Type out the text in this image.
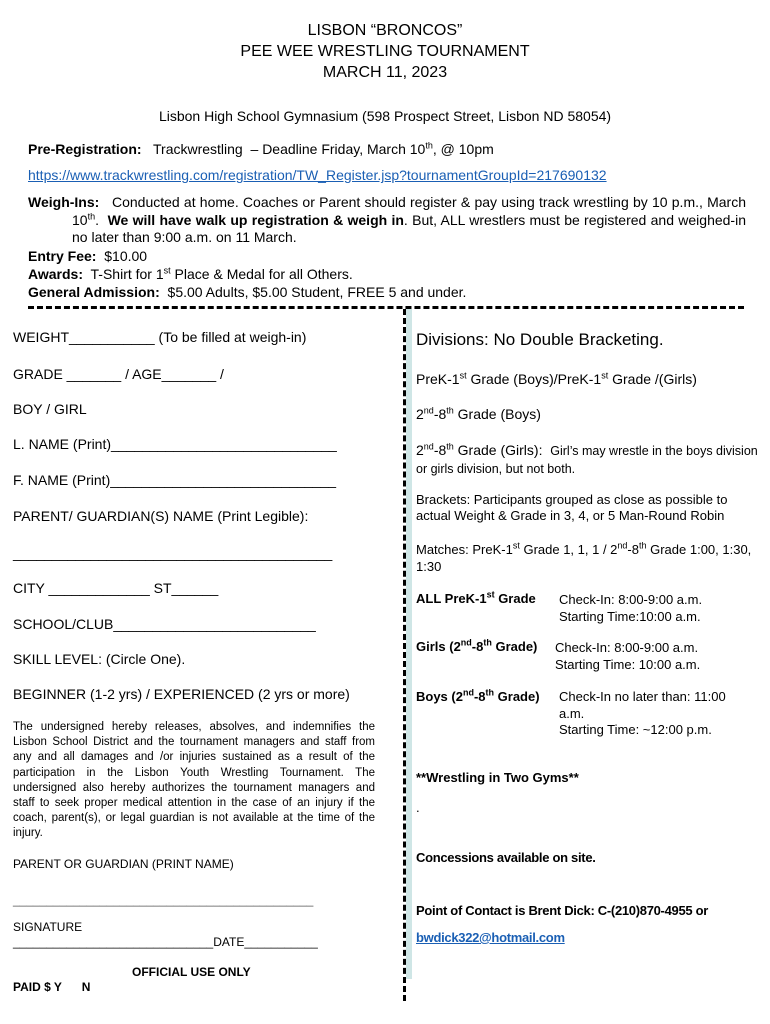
LISBON “BRONCOS”
PEE WEE WRESTLING TOURNAMENT
MARCH 11, 2023
Lisbon High School Gymnasium (598 Prospect Street, Lisbon ND 58054)
Pre-Registration: Trackwrestling – Deadline Friday, March 10th, @ 10pm
https://www.trackwrestling.com/registration/TW_Register.jsp?tournamentGroupId=217690132
Weigh-Ins: Conducted at home. Coaches or Parent should register & pay using track wrestling by 10 p.m., March 10th.  We will have walk up registration & weigh in. But, ALL wrestlers must be registered and weighed-in no later than 9:00 a.m. on 11 March.
Entry Fee: $10.00
Awards: T-Shirt for 1st Place & Medal for all Others.
General Admission: $5.00 Adults, $5.00 Student, FREE 5 and under.
WEIGHT___________ (To be filled at weigh-in)
GRADE _______ / AGE_______ /
BOY / GIRL
L. NAME (Print)_____________________________
F. NAME (Print)_____________________________
PARENT/ GUARDIAN(S) NAME (Print Legible):
_________________________________________
CITY _____________ ST______
SCHOOL/CLUB__________________________
SKILL LEVEL: (Circle One).
BEGINNER (1-2 yrs) / EXPERIENCED (2 yrs or more)
The undersigned hereby releases, absolves, and indemnifies the Lisbon School District and the tournament managers and staff from any and all damages and /or injuries sustained as a result of the participation in the Lisbon Youth Wrestling Tournament. The undersigned also hereby authorizes the tournament managers and staff to seek proper medical attention in the case of an injury if the coach, parent(s), or legal guardian is not available at the time of the injury.
PARENT OR GUARDIAN (PRINT NAME)
_____________________________________________
SIGNATURE
______________________________DATE___________
OFFICIAL USE ONLY
PAID $ Y      N
Divisions: No Double Bracketing.
PreK-1st Grade (Boys)/PreK-1st Grade /(Girls)
2nd-8th Grade (Boys)
2nd-8th Grade (Girls): Girl’s may wrestle in the boys division or girls division, but not both.
Brackets: Participants grouped as close as possible to actual Weight & Grade in 3, 4, or 5 Man-Round Robin
Matches: PreK-1st Grade 1, 1, 1 / 2nd-8th Grade 1:00, 1:30, 1:30
ALL PreK-1st Grade Check-In: 8:00-9:00 a.m.
Starting Time:10:00 a.m.
Girls (2nd-8th Grade) Check-In: 8:00-9:00 a.m.
Starting Time: 10:00 a.m.
Boys (2nd-8th Grade) Check-In no later than: 11:00 a.m.
Starting Time: ~12:00 p.m.
**Wrestling in Two Gyms**
.
Concessions available on site.
Point of Contact is Brent Dick: C-(210)870-4955 or
bwdick322@hotmail.com
